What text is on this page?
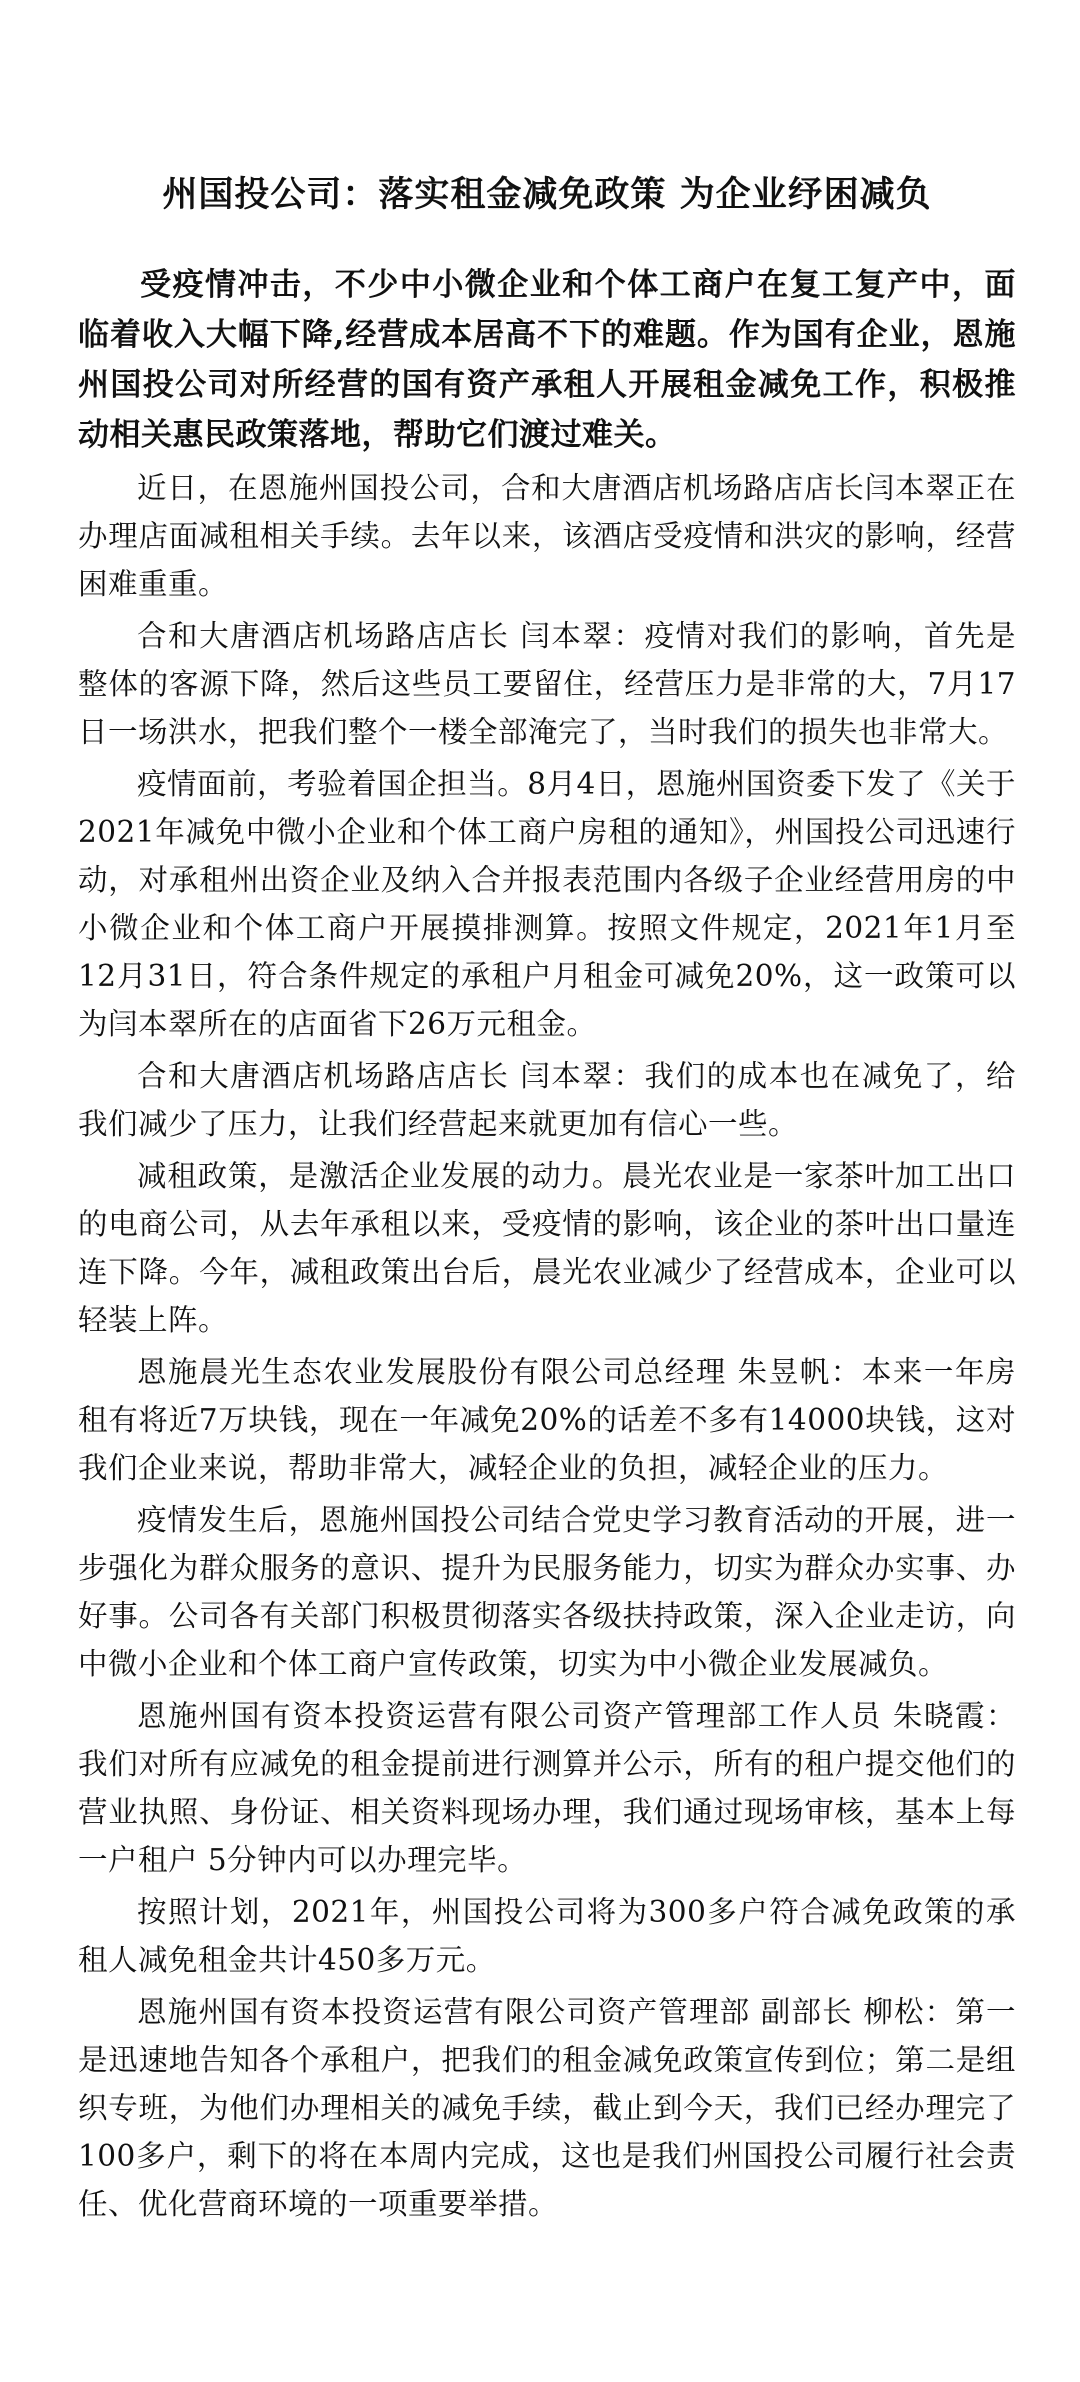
州国投公司：落实租金减免政策 为企业纾困减负

受疫情冲击，不少中小微企业和个体工商户在复工复产中，面临着收入大幅下降,经营成本居高不下的难题。作为国有企业，恩施州国投公司对所经营的国有资产承租人开展租金减免工作，积极推动相关惠民政策落地，帮助它们渡过难关。

近日，在恩施州国投公司，合和大唐酒店机场路店店长闫本翠正在办理店面减租相关手续。去年以来，该酒店受疫情和洪灾的影响，经营困难重重。

合和大唐酒店机场路店店长 闫本翠：疫情对我们的影响，首先是整体的客源下降，然后这些员工要留住，经营压力是非常的大，7月17日一场洪水，把我们整个一楼全部淹完了，当时我们的损失也非常大。

疫情面前，考验着国企担当。8月4日，恩施州国资委下发了《关于2021年减免中微小企业和个体工商户房租的通知》，州国投公司迅速行动，对承租州出资企业及纳入合并报表范围内各级子企业经营用房的中小微企业和个体工商户开展摸排测算。按照文件规定，2021年1月至12月31日，符合条件规定的承租户月租金可减免20%，这一政策可以为闫本翠所在的店面省下26万元租金。

合和大唐酒店机场路店店长 闫本翠：我们的成本也在减免了，给我们减少了压力，让我们经营起来就更加有信心一些。

减租政策，是激活企业发展的动力。晨光农业是一家茶叶加工出口的电商公司，从去年承租以来，受疫情的影响，该企业的茶叶出口量连连下降。今年，减租政策出台后，晨光农业减少了经营成本，企业可以轻装上阵。

恩施晨光生态农业发展股份有限公司总经理 朱昱帆：本来一年房租有将近7万块钱，现在一年减免20%的话差不多有14000块钱，这对我们企业来说，帮助非常大，减轻企业的负担，减轻企业的压力。

疫情发生后，恩施州国投公司结合党史学习教育活动的开展，进一步强化为群众服务的意识、提升为民服务能力，切实为群众办实事、办好事。公司各有关部门积极贯彻落实各级扶持政策，深入企业走访，向中微小企业和个体工商户宣传政策，切实为中小微企业发展减负。

恩施州国有资本投资运营有限公司资产管理部工作人员 朱晓霞：我们对所有应减免的租金提前进行测算并公示，所有的租户提交他们的营业执照、身份证、相关资料现场办理，我们通过现场审核，基本上每一户租户 5分钟内可以办理完毕。

按照计划，2021年，州国投公司将为300多户符合减免政策的承租人减免租金共计450多万元。

恩施州国有资本投资运营有限公司资产管理部 副部长 柳松：第一是迅速地告知各个承租户，把我们的租金减免政策宣传到位；第二是组织专班，为他们办理相关的减免手续，截止到今天，我们已经办理完了100多户，剩下的将在本周内完成，这也是我们州国投公司履行社会责任、优化营商环境的一项重要举措。
